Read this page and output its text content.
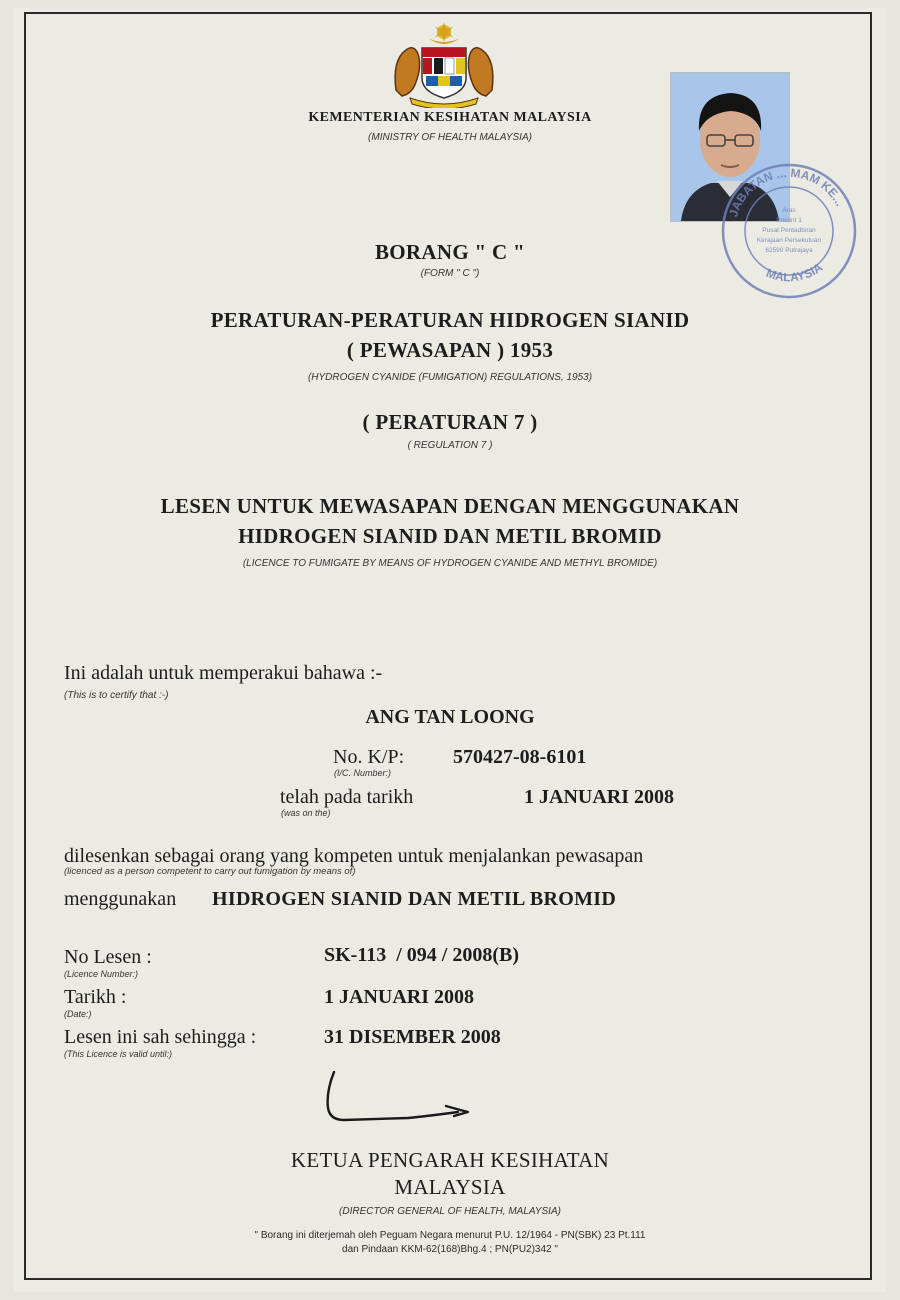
KEMENTERIAN KESIHATAN MALAYSIA
(MINISTRY OF HEALTH MALAYSIA)
JABATAN ... MAM KE...
MALAYSIA
Aras
Presint 1
Pusat Pentadbiran
Kerajaan Persekutuan
62590 Putrajaya
BORANG " C "
(FORM " C ")
PERATURAN-PERATURAN HIDROGEN SIANID
( PEWASAPAN ) 1953
(HYDROGEN CYANIDE (FUMIGATION) REGULATIONS, 1953)
( PERATURAN 7 )
( REGULATION 7 )
LESEN UNTUK MEWASAPAN DENGAN MENGGUNAKAN
HIDROGEN SIANID DAN METIL BROMID
(LICENCE TO FUMIGATE BY MEANS OF HYDROGEN CYANIDE AND METHYL BROMIDE)
Ini adalah untuk memperakui bahawa :-
(This is to certify that :-)
ANG TAN LOONG
No. K/P:
(I/C. Number:)
570427-08-6101
telah pada tarikh
(was on the)
1 JANUARI 2008
dilesenkan sebagai orang yang kompeten untuk menjalankan pewasapan
(licenced as a person competent to carry out fumigation by means of)
menggunakan HIDROGEN SIANID DAN METIL BROMID
No Lesen :
(Licence Number:)
SK-113  / 094 / 2008(B)
Tarikh :
(Date:)
1 JANUARI 2008
Lesen ini sah sehingga :
(This Licence is valid until:)
31 DISEMBER 2008
KETUA PENGARAH KESIHATAN
MALAYSIA
(DIRECTOR GENERAL OF HEALTH, MALAYSIA)
" Borang ini diterjemah oleh Peguam Negara menurut P.U. 12/1964 - PN(SBK) 23 Pt.111
dan Pindaan KKM-62(168)Bhg.4 ; PN(PU2)342 "
